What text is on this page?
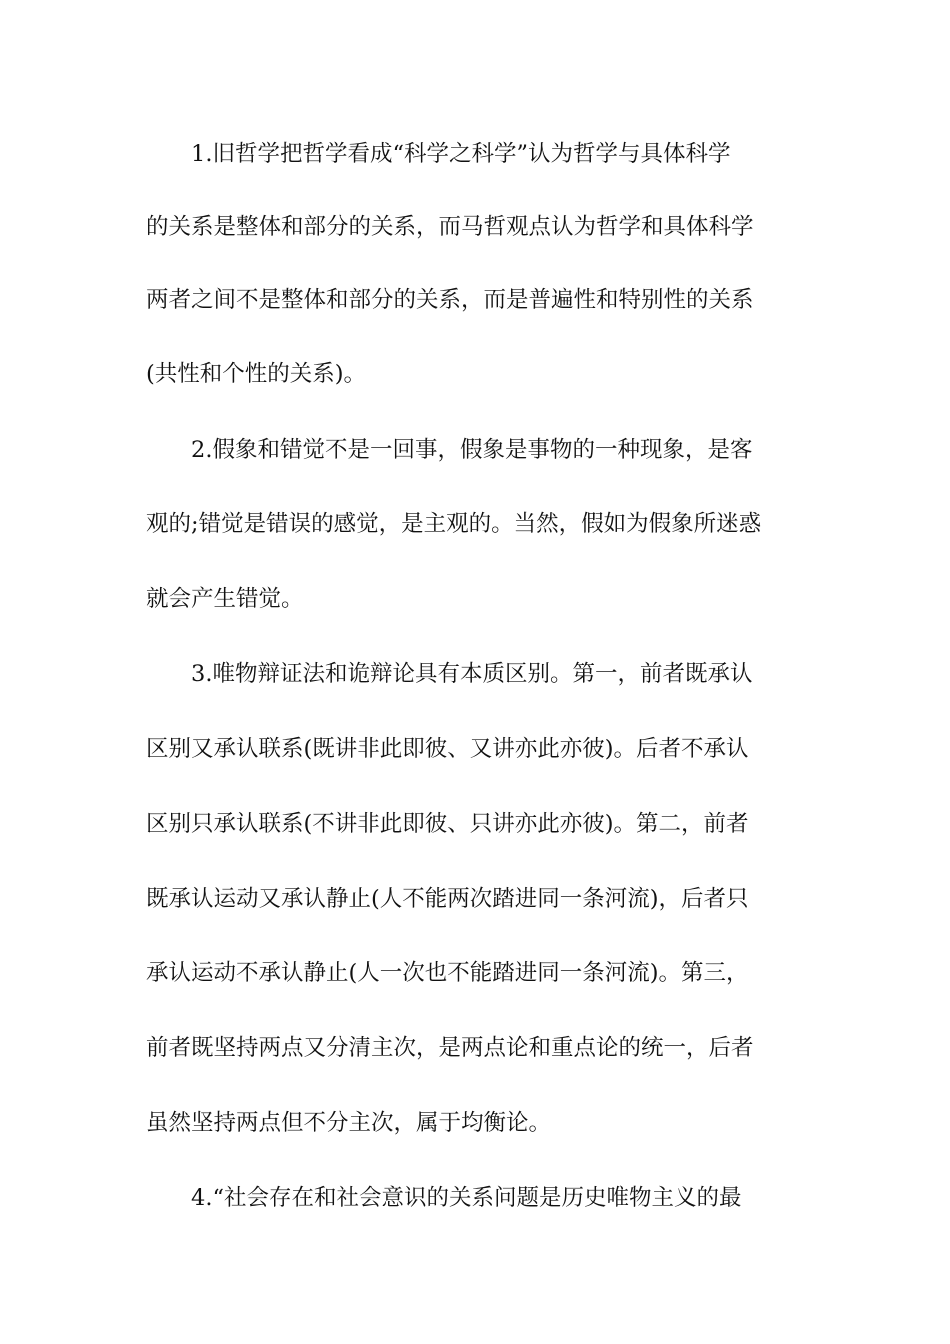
1.旧哲学把哲学看成“科学之科学”认为哲学与具体科学
的关系是整体和部分的关系，而马哲观点认为哲学和具体科学
两者之间不是整体和部分的关系，而是普遍性和特别性的关系
(共性和个性的关系)。
2.假象和错觉不是一回事，假象是事物的一种现象，是客
观的;错觉是错误的感觉，是主观的。当然，假如为假象所迷惑
就会产生错觉。
3.唯物辩证法和诡辩论具有本质区别。第一，前者既承认
区别又承认联系(既讲非此即彼、又讲亦此亦彼)。后者不承认
区别只承认联系(不讲非此即彼、只讲亦此亦彼)。第二，前者
既承认运动又承认静止(人不能两次踏进同一条河流)，后者只
承认运动不承认静止(人一次也不能踏进同一条河流)。第三，
前者既坚持两点又分清主次，是两点论和重点论的统一，后者
虽然坚持两点但不分主次，属于均衡论。
4.“社会存在和社会意识的关系问题是历史唯物主义的最
